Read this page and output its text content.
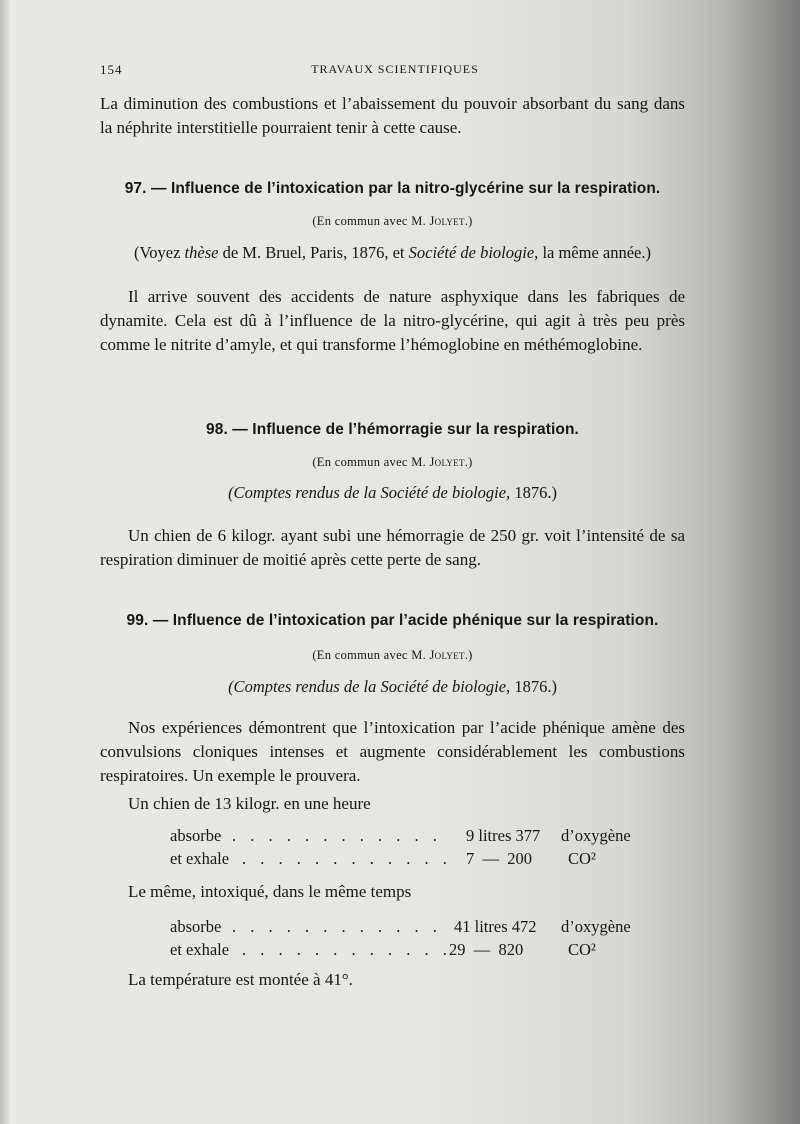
154	TRAVAUX SCIENTIFIQUES

La diminution des combustions et l’abaissement du pouvoir absorbant du sang dans la néphrite interstitielle pourraient tenir à cette cause.

97. — Influence de l’intoxication par la nitro-glycérine sur la respiration.

(En commun avec M. Jolyet.)

(Voyez thèse de M. Bruel, Paris, 1876, et Société de biologie, la même année.)

Il arrive souvent des accidents de nature asphyxique dans les fabriques de dynamite. Cela est dû à l’influence de la nitro-glycérine, qui agit à très peu près comme le nitrite d’amyle, et qui transforme l’hémoglobine en méthémoglobine.

98. — Influence de l’hémorragie sur la respiration.

(En commun avec M. Jolyet.)

(Comptes rendus de la Société de biologie, 1876.)

Un chien de 6 kilogr. ayant subi une hémorragie de 250 gr. voit l’intensité de sa respiration diminuer de moitié après cette perte de sang.

99. — Influence de l’intoxication par l’acide phénique sur la respiration.

(En commun avec M. Jolyet.)

(Comptes rendus de la Société de biologie, 1876.)

Nos expériences démontrent que l’intoxication par l’acide phénique amène des convulsions cloniques intenses et augmente considérablement les combustions respiratoires. Un exemple le prouvera.

Un chien de 13 kilogr. en une heure

absorbe . . . . . . . . . . . . 9 litres 377 d’oxygène
et exhale . . . . . . . . . . . . 7  —  200 CO²

Le même, intoxiqué, dans le même temps

absorbe . . . . . . . . . . . . 41 litres 472 d’oxygène
et exhale . . . . . . . . . . . .
29  —  820	CO²

La température est montée à 41°.
